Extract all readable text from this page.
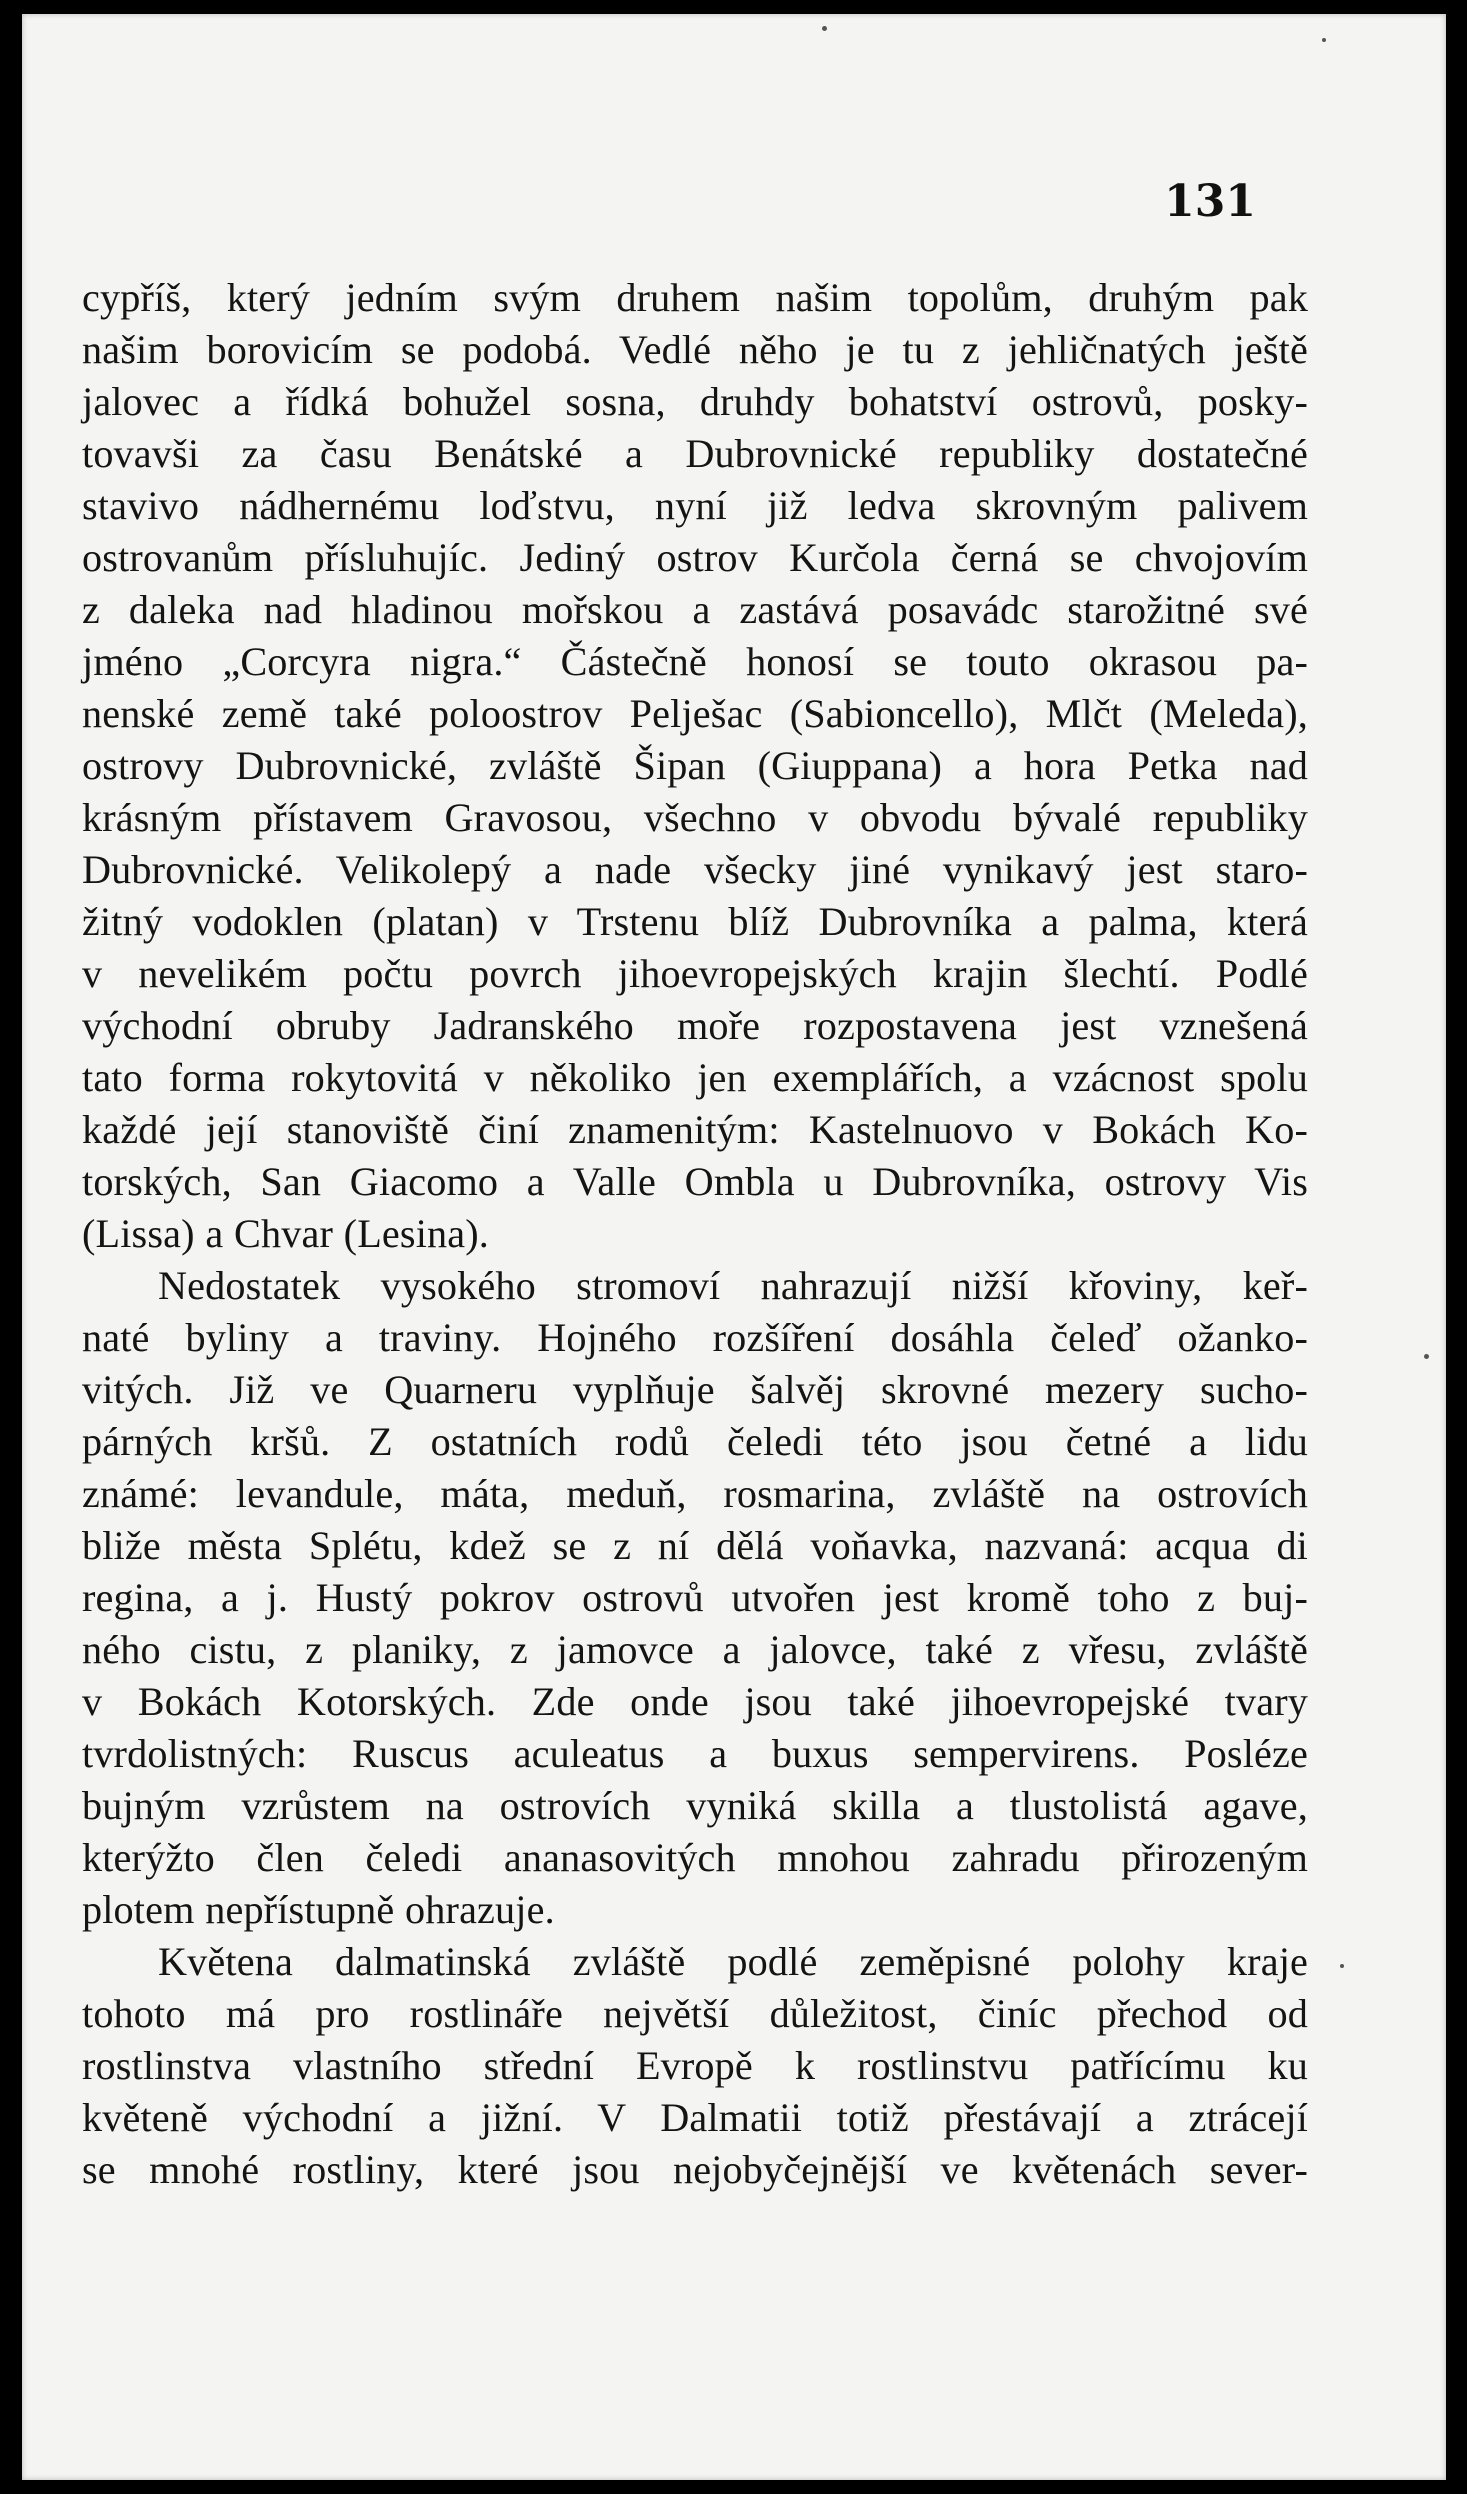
131

cypříš, který jedním svým druhem našim topolům, druhým pak
našim borovicím se podobá. Vedlé něho je tu z jehličnatých ještě
jalovec a řídká bohužel sosna, druhdy bohatství ostrovů, posky-
tovavši za času Benátské a Dubrovnické republiky dostatečné
stavivo nádhernému loďstvu, nyní již ledva skrovným palivem
ostrovanům přísluhujíc. Jediný ostrov Kurčola černá se chvojovím
z daleka nad hladinou mořskou a zastává posavádc starožitné své
jméno „Corcyra nigra.“ Částečně honosí se touto okrasou pa-
nenské země také poloostrov Pelješac (Sabioncello), Mlčt (Meleda),
ostrovy Dubrovnické, zvláště Šipan (Giuppana) a hora Petka nad
krásným přístavem Gravosou, všechno v obvodu bývalé republiky
Dubrovnické. Velikolepý a nade všecky jiné vynikavý jest staro-
žitný vodoklen (platan) v Trstenu blíž Dubrovníka a palma, která
v nevelikém počtu povrch jihoevropejských krajin šlechtí. Podlé
východní obruby Jadranského moře rozpostavena jest vznešená
tato forma rokytovitá v několiko jen exemplářích, a vzácnost spolu
každé její stanoviště činí znamenitým: Kastelnuovo v Bokách Ko-
torských, San Giacomo a Valle Ombla u Dubrovníka, ostrovy Vis
(Lissa) a Chvar (Lesina).

Nedostatek vysokého stromoví nahrazují nižší křoviny, keř-
naté byliny a traviny. Hojného rozšíření dosáhla čeleď ožanko-
vitých. Již ve Quarneru vyplňuje šalvěj skrovné mezery sucho-
párných kršů. Z ostatních rodů čeledi této jsou četné a lidu
známé: levandule, máta, meduň, rosmarina, zvláště na ostrovích
bliže města Splétu, kdež se z ní dělá voňavka, nazvaná: acqua di
regina, a j. Hustý pokrov ostrovů utvořen jest kromě toho z buj-
ného cistu, z planiky, z jamovce a jalovce, také z vřesu, zvláště
v Bokách Kotorských. Zde onde jsou také jihoevropejské tvary
tvrdolistných: Ruscus aculeatus a buxus sempervirens. Posléze
bujným vzrůstem na ostrovích vyniká skilla a tlustolistá agave,
kterýžto člen čeledi ananasovitých mnohou zahradu přirozeným
plotem nepřístupně ohrazuje.

Květena dalmatinská zvláště podlé zeměpisné polohy kraje
tohoto má pro rostlináře největší důležitost, činíc přechod od
rostlinstva vlastního střední Evropě k rostlinstvu patřícímu ku
květeně východní a jižní. V Dalmatii totiž přestávají a ztrácejí
se mnohé rostliny, které jsou nejobyčejnější ve květenách sever-
